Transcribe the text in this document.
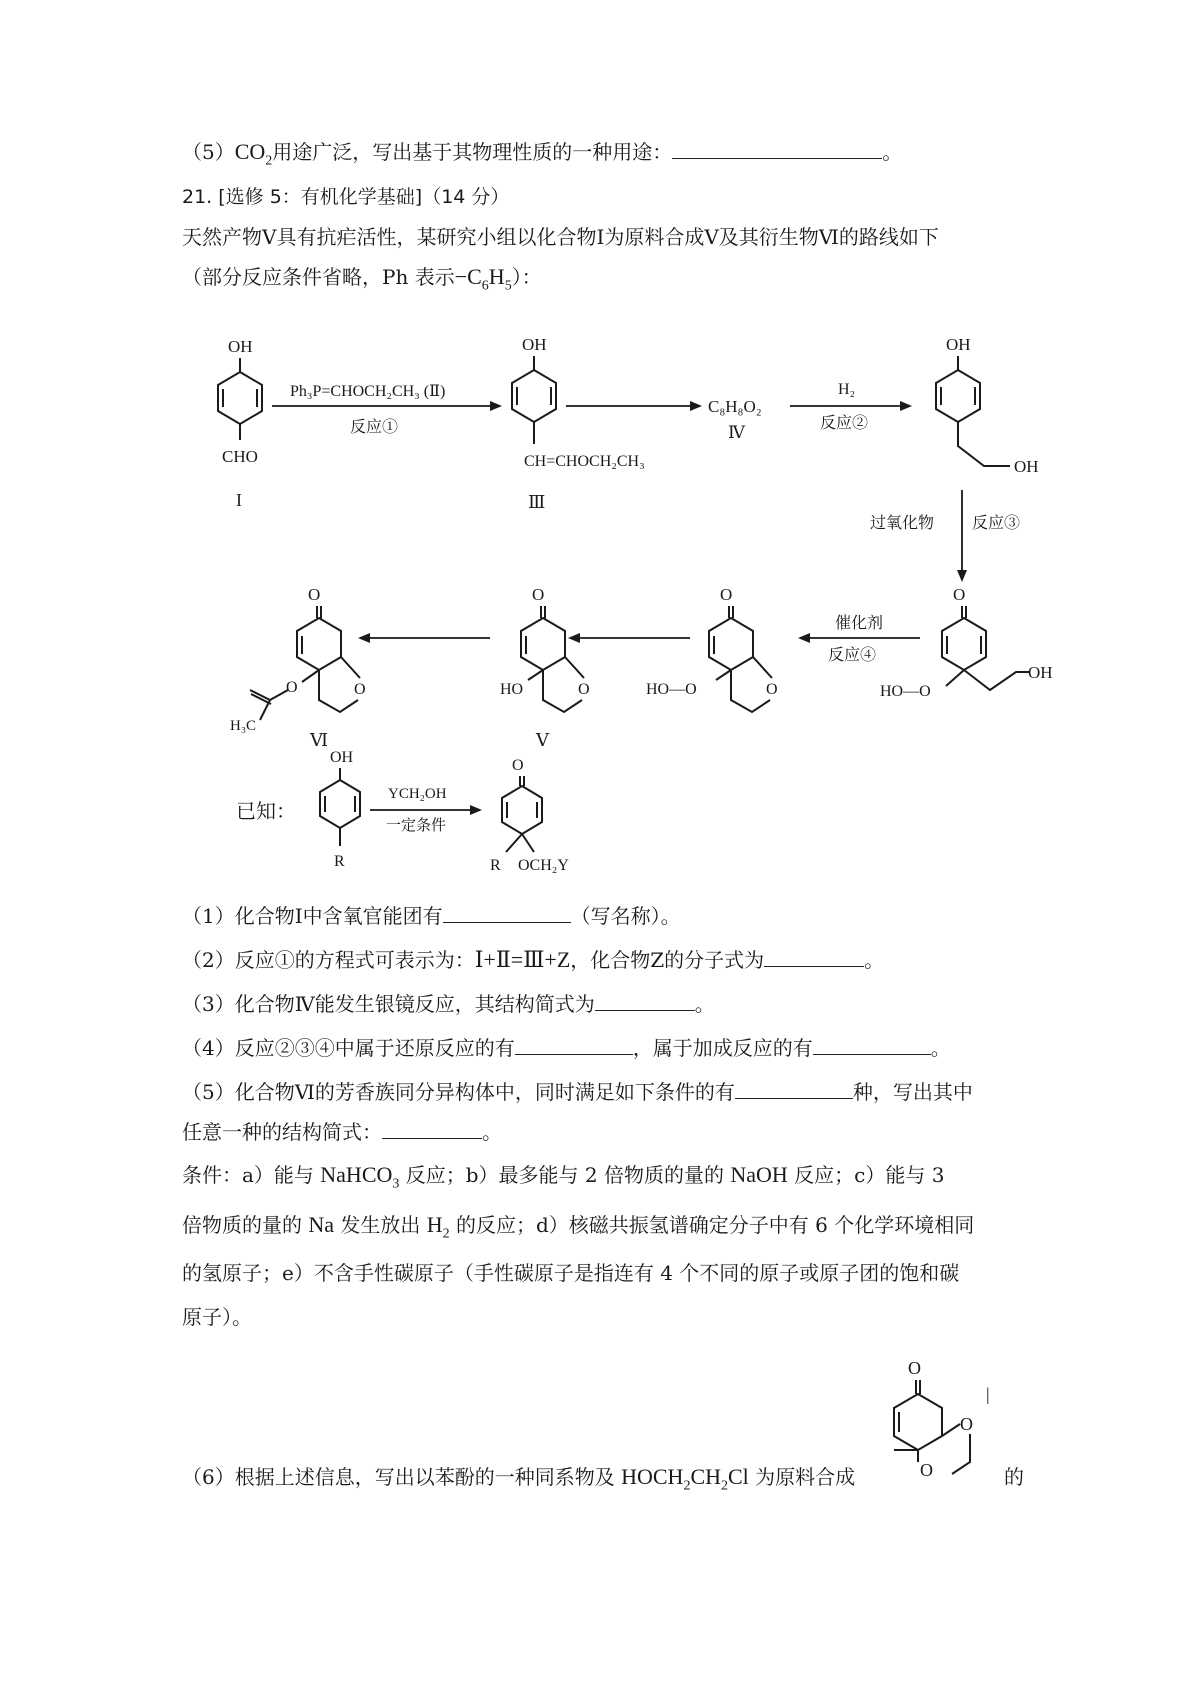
$(5)CO_2$用途广泛，写出基于其物理性质的一种用途：	。
21. [选修 5：有机化学基础]（14 分）
天然产物Ⅴ具有抗疟活性，某研究小组以化合物Ⅰ为原料合成Ⅴ及其衍生物Ⅵ的路线如下
（部分反应条件省略，Ph 表示$-C_6H_5$）：
OH
CHO
I
Ph₃P=CHOCH₂CH₃ (Ⅱ)
反应①
OH
CH=CHOCH₂CH₃
Ⅲ
C₈H₈O₂
Ⅳ
H₂
反应②
OH
OH
过氧化物 反应③
O
HO—O
OH
催化剂
反应④
O
O
HO—O
O
O
HO
Ⅴ
O
O
O
H₃C
Ⅵ
已知：
OH
R
YCH₂OH
一定条件
O
R OCH₂Y
（1）化合物Ⅰ中含氧官能团有	（写名称）。
（2）反应①的方程式可表示为：Ⅰ+Ⅱ=Ⅲ+Z，化合物Z的分子式为	。
（3）化合物Ⅳ能发生银镜反应，其结构简式为	。
（4）反应②③④中属于还原反应的有	，属于加成反应的有	。
（5）化合物Ⅵ的芳香族同分异构体中，同时满足如下条件的有	种，写出其中
任意一种的结构简式：	。
条件：a）能与 NaHCO$_3$ 反应；b）最多能与 2 倍物质的量的 NaOH 反应；c）能与 3
倍物质的量的 Na 发生放出 $H_2$ 的反应；d）核磁共振氢谱确定分子中有 6 个化学环境相同
的氢原子；e）不含手性碳原子（手性碳原子是指连有 4 个不同的原子或原子团的饱和碳
原子）。
O
O
O
|
（6）根据上述信息，写出以苯酚的一种同系物及 $HOCH_2CH_2Cl$ 为原料合成	的
